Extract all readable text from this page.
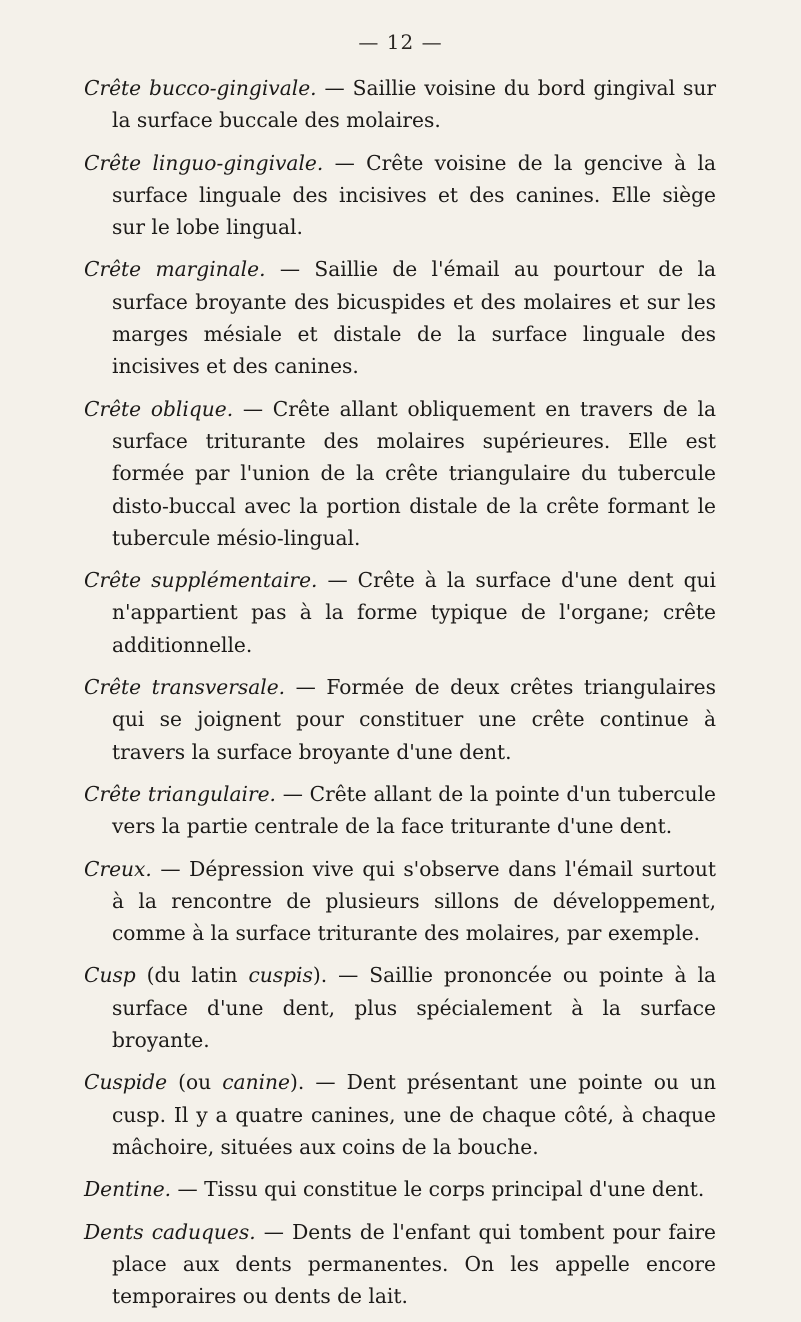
— 12 —

Crête bucco-gingivale. — Saillie voisine du bord gingival sur la surface buccale des molaires.

Crête linguo-gingivale. — Crête voisine de la gencive à la surface linguale des incisives et des canines. Elle siège sur le lobe lingual.

Crête marginale. — Saillie de l'émail au pourtour de la surface broyante des bicuspides et des molaires et sur les marges mésiale et distale de la surface linguale des incisives et des canines.

Crête oblique. — Crête allant obliquement en travers de la surface triturante des molaires supérieures. Elle est formée par l'union de la crête triangulaire du tubercule disto-buccal avec la portion distale de la crête formant le tubercule mésio-lingual.

Crête supplémentaire. — Crête à la surface d'une dent qui n'appartient pas à la forme typique de l'organe; crête additionnelle.

Crête transversale. — Formée de deux crêtes triangulaires qui se joignent pour constituer une crête continue à travers la surface broyante d'une dent.

Crête triangulaire. — Crête allant de la pointe d'un tubercule vers la partie centrale de la face triturante d'une dent.

Creux. — Dépression vive qui s'observe dans l'émail surtout à la rencontre de plusieurs sillons de développement, comme à la surface triturante des molaires, par exemple.

Cusp (du latin cuspis). — Saillie prononcée ou pointe à la surface d'une dent, plus spécialement à la surface broyante.

Cuspide (ou canine). — Dent présentant une pointe ou un cusp. Il y a quatre canines, une de chaque côté, à chaque mâchoire, situées aux coins de la bouche.

Dentine. — Tissu qui constitue le corps principal d'une dent.

Dents caduques. — Dents de l'enfant qui tombent pour faire place aux dents permanentes. On les appelle encore temporaires ou dents de lait.
